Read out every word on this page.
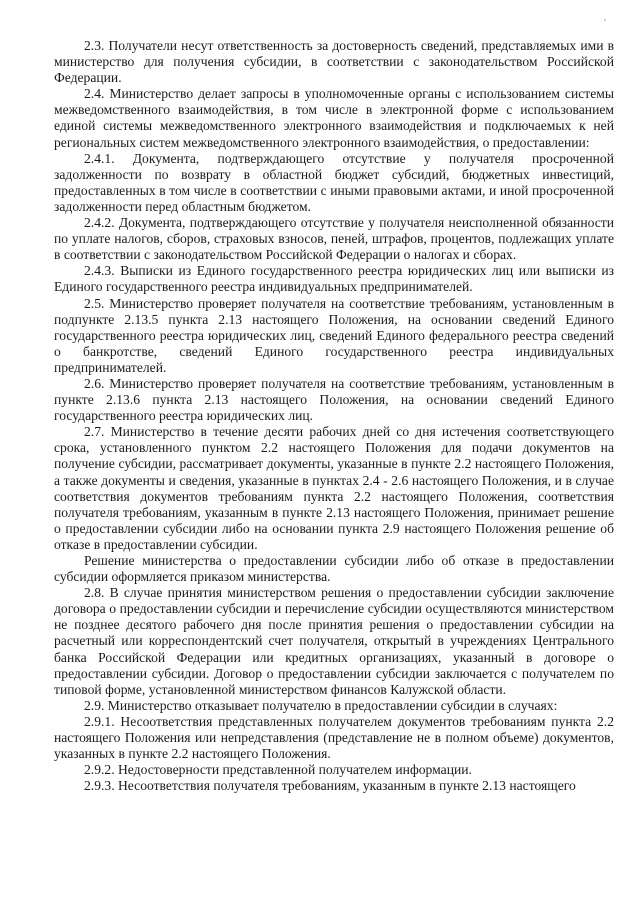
,

2.3. Получатели несут ответственность за достоверность сведений, представляемых ими в министерство для получения субсидии, в соответствии с законодательством Российской Федерации.

2.4. Министерство делает запросы в уполномоченные органы с использованием системы межведомственного взаимодействия, в том числе в электронной форме с использованием единой системы межведомственного электронного взаимодействия и подключаемых к ней региональных систем межведомственного электронного взаимодействия, о предоставлении:

2.4.1. Документа, подтверждающего отсутствие у получателя просроченной задолженности по возврату в областной бюджет субсидий, бюджетных инвестиций, предоставленных в том числе в соответствии с иными правовыми актами, и иной просроченной задолженности перед областным бюджетом.

2.4.2. Документа, подтверждающего отсутствие у получателя неисполненной обязанности по уплате налогов, сборов, страховых взносов, пеней, штрафов, процентов, подлежащих уплате в соответствии с законодательством Российской Федерации о налогах и сборах.

2.4.3. Выписки из Единого государственного реестра юридических лиц или выписки из Единого государственного реестра индивидуальных предпринимателей.

2.5. Министерство проверяет получателя на соответствие требованиям, установленным в подпункте 2.13.5 пункта 2.13 настоящего Положения, на основании сведений Единого государственного реестра юридических лиц, сведений Единого федерального реестра сведений о банкротстве, сведений Единого государственного реестра индивидуальных предпринимателей.

2.6. Министерство проверяет получателя на соответствие требованиям, установленным в пункте 2.13.6 пункта 2.13 настоящего Положения, на основании сведений Единого государственного реестра юридических лиц.

2.7. Министерство в течение десяти рабочих дней со дня истечения соответствующего срока, установленного пунктом 2.2 настоящего Положения для подачи документов на получение субсидии, рассматривает документы, указанные в пункте 2.2 настоящего Положения, а также документы и сведения, указанные в пунктах 2.4 - 2.6 настоящего Положения, и в случае соответствия документов требованиям пункта 2.2 настоящего Положения, соответствия получателя требованиям, указанным в пункте 2.13 настоящего Положения, принимает решение о предоставлении субсидии либо на основании пункта 2.9 настоящего Положения решение об отказе в предоставлении субсидии.

Решение министерства о предоставлении субсидии либо об отказе в предоставлении субсидии оформляется приказом министерства.

2.8. В случае принятия министерством решения о предоставлении субсидии заключение договора о предоставлении субсидии и перечисление субсидии осуществляются министерством не позднее десятого рабочего дня после принятия решения о предоставлении субсидии на расчетный или корреспондентский счет получателя, открытый в учреждениях Центрального банка Российской Федерации или кредитных организациях, указанный в договоре о предоставлении субсидии. Договор о предоставлении субсидии заключается с получателем по типовой форме, установленной министерством финансов Калужской области.

2.9. Министерство отказывает получателю в предоставлении субсидии в случаях:

2.9.1. Несоответствия представленных получателем документов требованиям пункта 2.2 настоящего Положения или непредставления (представление не в полном объеме) документов, указанных в пункте 2.2 настоящего Положения.

2.9.2. Недостоверности представленной получателем информации.

2.9.3. Несоответствия получателя требованиям, указанным в пункте 2.13 настоящего
